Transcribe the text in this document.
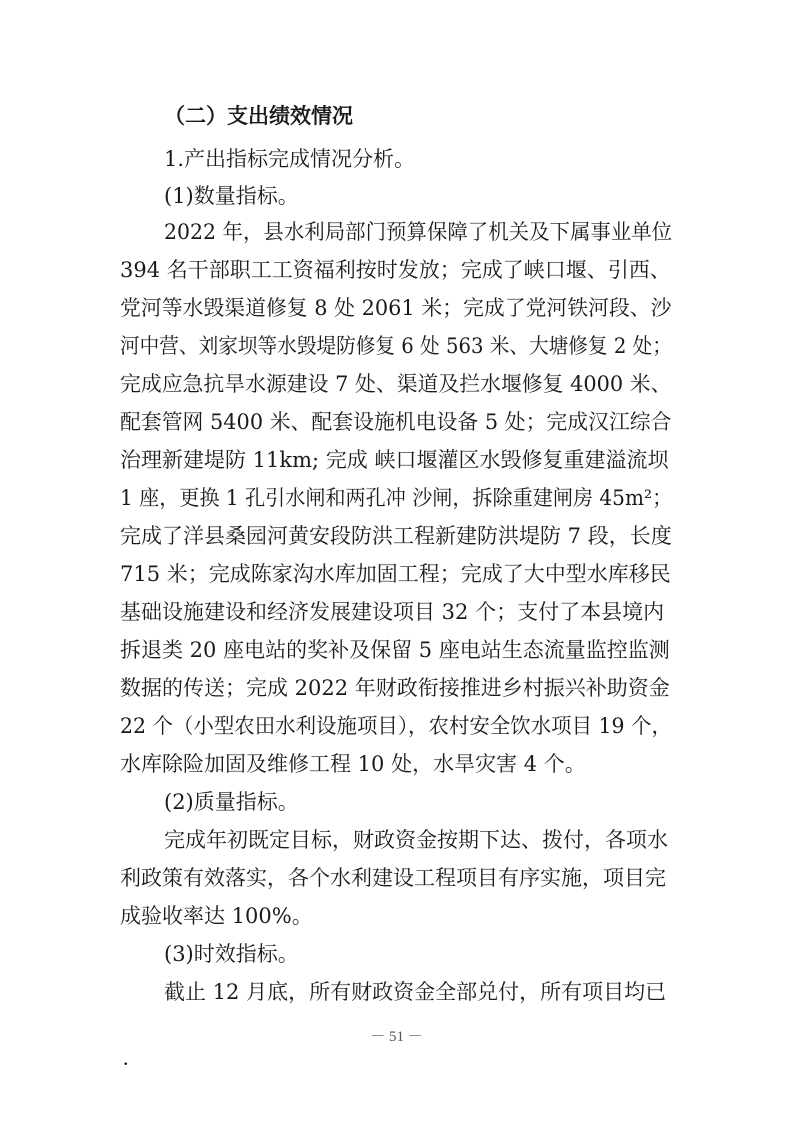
（二）支出绩效情况
1.产出指标完成情况分析。
(1)数量指标。
2022 年，县水利局部门预算保障了机关及下属事业单位
394 名干部职工工资福利按时发放；完成了峡口堰、引西、
党河等水毁渠道修复 8 处 2061 米；完成了党河铁河段、沙
河中营、刘家坝等水毁堤防修复 6 处 563 米、大塘修复 2 处；
完成应急抗旱水源建设 7 处、渠道及拦水堰修复 4000 米、
配套管网 5400 米、配套设施机电设备 5 处；完成汉江综合
治理新建堤防 11km; 完成 峡口堰灌区水毁修复重建溢流坝
1 座，更换 1 孔引水闸和两孔冲 沙闸，拆除重建闸房 45m²；
完成了洋县桑园河黄安段防洪工程新建防洪堤防 7 段，长度
715 米；完成陈家沟水库加固工程；完成了大中型水库移民
基础设施建设和经济发展建设项目 32 个；支付了本县境内
拆退类 20 座电站的奖补及保留 5 座电站生态流量监控监测
数据的传送；完成 2022 年财政衔接推进乡村振兴补助资金
22 个（小型农田水利设施项目），农村安全饮水项目 19 个，
水库除险加固及维修工程 10 处，水旱灾害 4 个。
(2)质量指标。
完成年初既定目标，财政资金按期下达、拨付，各项水
利政策有效落实，各个水利建设工程项目有序实施，项目完
成验收率达 100%。
(3)时效指标。
截止 12 月底，所有财政资金全部兑付，所有项目均已
－ 51 －
.
